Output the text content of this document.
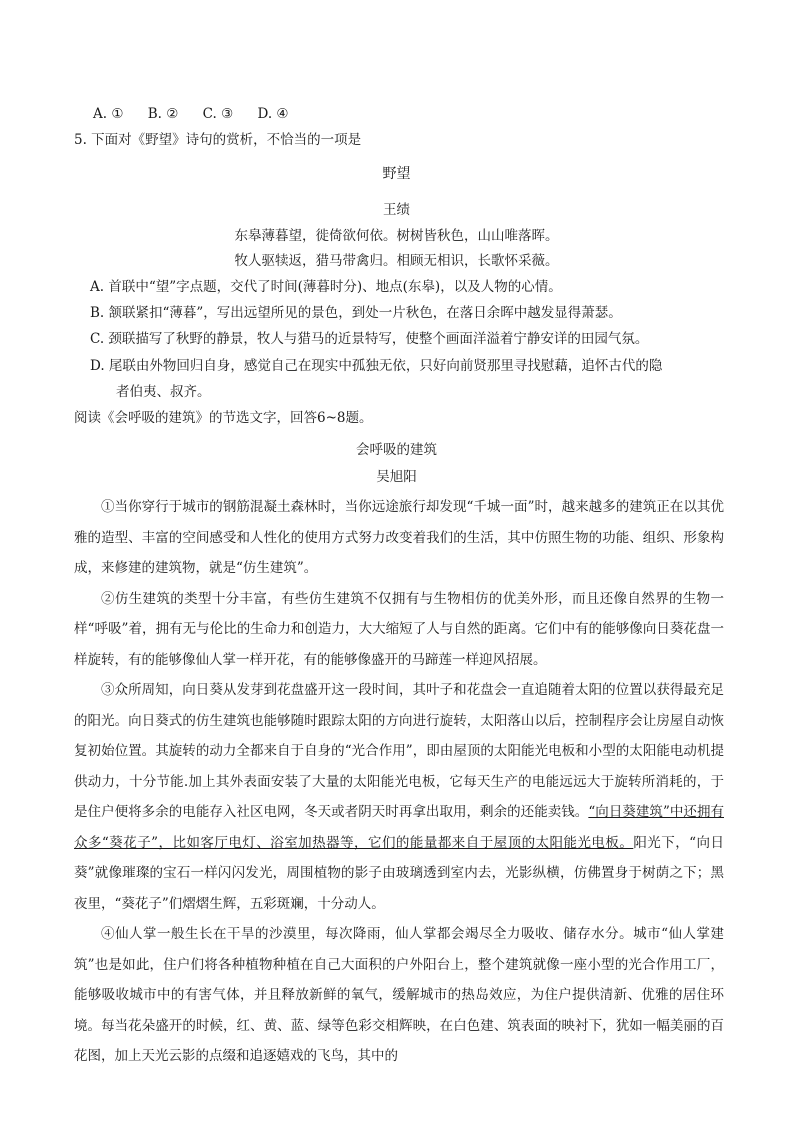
A. ① B. ② C. ③ D. ④
5. 下面对《野望》诗句的赏析，不恰当的一项是
野望
王绩
东皋薄暮望，徙倚欲何依。树树皆秋色，山山唯落晖。
牧人驱犊返，猎马带禽归。相顾无相识，长歌怀采薇。
A. 首联中“望”字点题，交代了时间(薄暮时分)、地点(东皋)，以及人物的心情。
B. 颔联紧扣“薄暮”，写出远望所见的景色，到处一片秋色，在落日余晖中越发显得萧瑟。
C. 颈联描写了秋野的静景，牧人与猎马的近景特写，使整个画面洋溢着宁静安详的田园气氛。
D. 尾联由外物回归自身，感觉自己在现实中孤独无依，只好向前贤那里寻找慰藉，追怀古代的隐
者伯夷、叔齐。
阅读《会呼吸的建筑》的节选文字，回答6~8题。
会呼吸的建筑
吴旭阳

①当你穿行于城市的钢筋混凝土森林时，当你远途旅行却发现“千城一面”时，越来越多的建筑正在以其优雅的造型、丰富的空间感受和人性化的使用方式努力改变着我们的生活，其中仿照生物的功能、组织、形象构成，来修建的建筑物，就是“仿生建筑”。

②仿生建筑的类型十分丰富，有些仿生建筑不仅拥有与生物相仿的优美外形，而且还像自然界的生物一样“呼吸”着，拥有无与伦比的生命力和创造力，大大缩短了人与自然的距离。它们中有的能够像向日葵花盘一样旋转，有的能够像仙人掌一样开花，有的能够像盛开的马蹄莲一样迎风招展。

③众所周知，向日葵从发芽到花盘盛开这一段时间，其叶子和花盘会一直追随着太阳的位置以获得最充足的阳光。向日葵式的仿生建筑也能够随时跟踪太阳的方向进行旋转，太阳落山以后，控制程序会让房屋自动恢复初始位置。其旋转的动力全都来自于自身的“光合作用”，即由屋顶的太阳能光电板和小型的太阳能电动机提供动力，十分节能.加上其外表面安装了大量的太阳能光电板，它每天生产的电能远远大于旋转所消耗的，于是住户便将多余的电能存入社区电网，冬天或者阴天时再拿出取用，剩余的还能卖钱。“向日葵建筑”中还拥有众多“葵花子”，比如客厅电灯、浴室加热器等，它们的能量都来自于屋顶的太阳能光电板。阳光下，“向日葵”就像璀璨的宝石一样闪闪发光，周围植物的影子由玻璃透到室内去，光影纵横，仿佛置身于树荫之下；黑夜里，“葵花子”们熠熠生辉，五彩斑斓，十分动人。

④仙人掌一般生长在干旱的沙漠里，每次降雨，仙人掌都会竭尽全力吸收、储存水分。城市“仙人掌建筑”也是如此，住户们将各种植物种植在自己大面积的户外阳台上，整个建筑就像一座小型的光合作用工厂，能够吸收城市中的有害气体，并且释放新鲜的氧气，缓解城市的热岛效应，为住户提供清新、优雅的居住环境。每当花朵盛开的时候，红、黄、蓝、绿等色彩交相辉映，在白色建、筑表面的映衬下，犹如一幅美丽的百花图，加上天光云影的点缀和追逐嬉戏的飞鸟，其中的
